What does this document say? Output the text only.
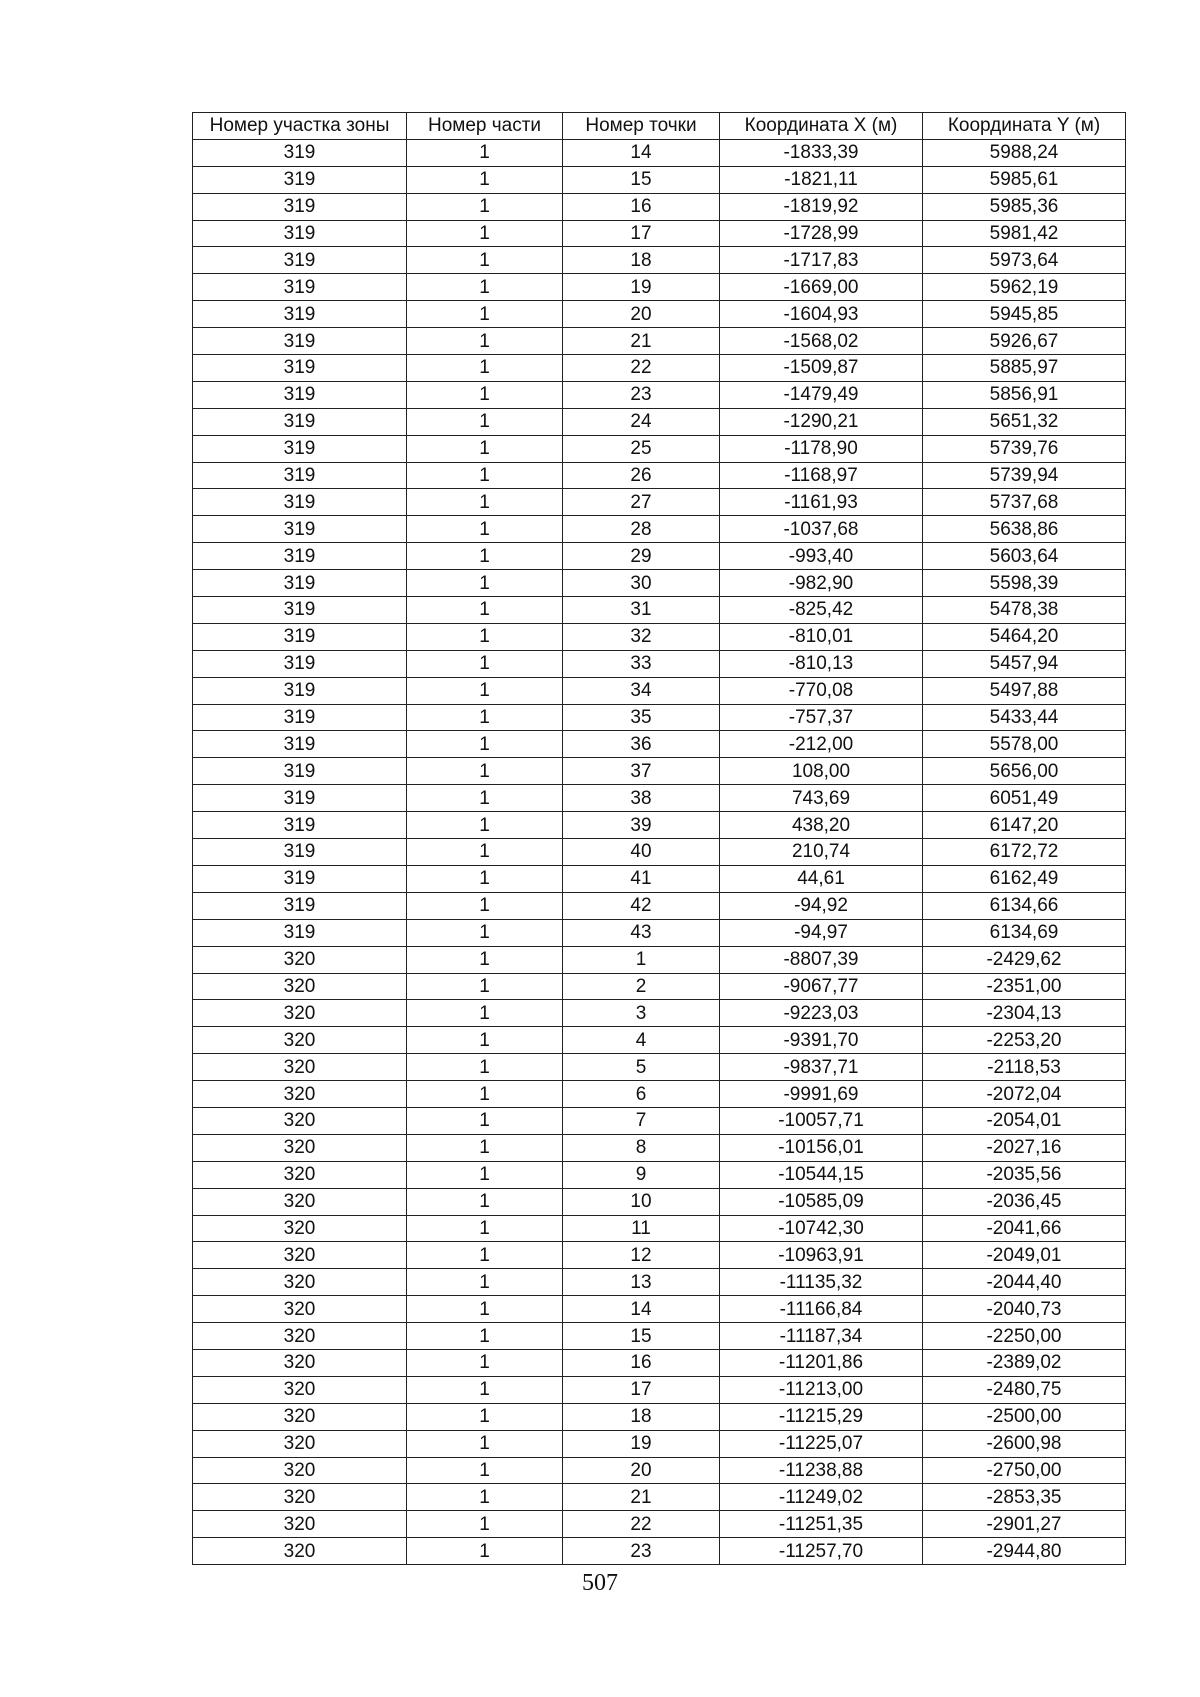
Номер участка зоны	Номер части	Номер точки	Координата X (м)	Координата Y (м)
319	1	14	-1833,39	5988,24
319	1	15	-1821,11	5985,61
319	1	16	-1819,92	5985,36
319	1	17	-1728,99	5981,42
319	1	18	-1717,83	5973,64
319	1	19	-1669,00	5962,19
319	1	20	-1604,93	5945,85
319	1	21	-1568,02	5926,67
319	1	22	-1509,87	5885,97
319	1	23	-1479,49	5856,91
319	1	24	-1290,21	5651,32
319	1	25	-1178,90	5739,76
319	1	26	-1168,97	5739,94
319	1	27	-1161,93	5737,68
319	1	28	-1037,68	5638,86
319	1	29	-993,40	5603,64
319	1	30	-982,90	5598,39
319	1	31	-825,42	5478,38
319	1	32	-810,01	5464,20
319	1	33	-810,13	5457,94
319	1	34	-770,08	5497,88
319	1	35	-757,37	5433,44
319	1	36	-212,00	5578,00
319	1	37	108,00	5656,00
319	1	38	743,69	6051,49
319	1	39	438,20	6147,20
319	1	40	210,74	6172,72
319	1	41	44,61	6162,49
319	1	42	-94,92	6134,66
319	1	43	-94,97	6134,69
320	1	1	-8807,39	-2429,62
320	1	2	-9067,77	-2351,00
320	1	3	-9223,03	-2304,13
320	1	4	-9391,70	-2253,20
320	1	5	-9837,71	-2118,53
320	1	6	-9991,69	-2072,04
320	1	7	-10057,71	-2054,01
320	1	8	-10156,01	-2027,16
320	1	9	-10544,15	-2035,56
320	1	10	-10585,09	-2036,45
320	1	11	-10742,30	-2041,66
320	1	12	-10963,91	-2049,01
320	1	13	-11135,32	-2044,40
320	1	14	-11166,84	-2040,73
320	1	15	-11187,34	-2250,00
320	1	16	-11201,86	-2389,02
320	1	17	-11213,00	-2480,75
320	1	18	-11215,29	-2500,00
320	1	19	-11225,07	-2600,98
320	1	20	-11238,88	-2750,00
320	1	21	-11249,02	-2853,35
320	1	22	-11251,35	-2901,27
320	1	23	-11257,70	-2944,80
507
